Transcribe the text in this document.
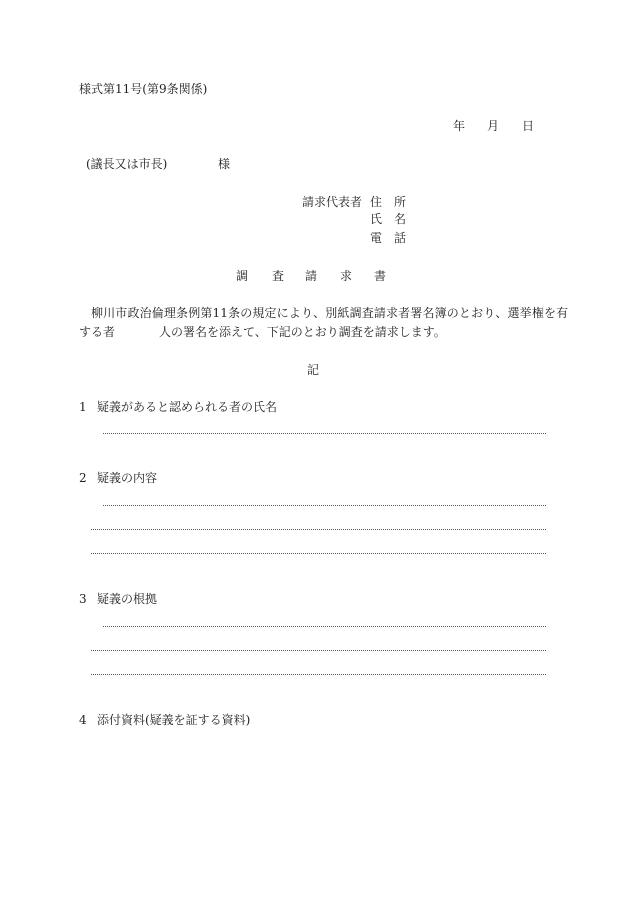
様式第11号(第9条関係)
年 月 日
(議長又は市長)	様
請求代表者 住　所
氏　名
電　話
調 査 請 求 書
柳川市政治倫理条例第11条の規定により、別紙調査請求者署名簿のとおり、選挙権を有
する者	人の署名を添えて、下記のとおり調査を請求します。
記
1 疑義があると認められる者の氏名
2 疑義の内容
3 疑義の根拠
4 添付資料(疑義を証する資料)
